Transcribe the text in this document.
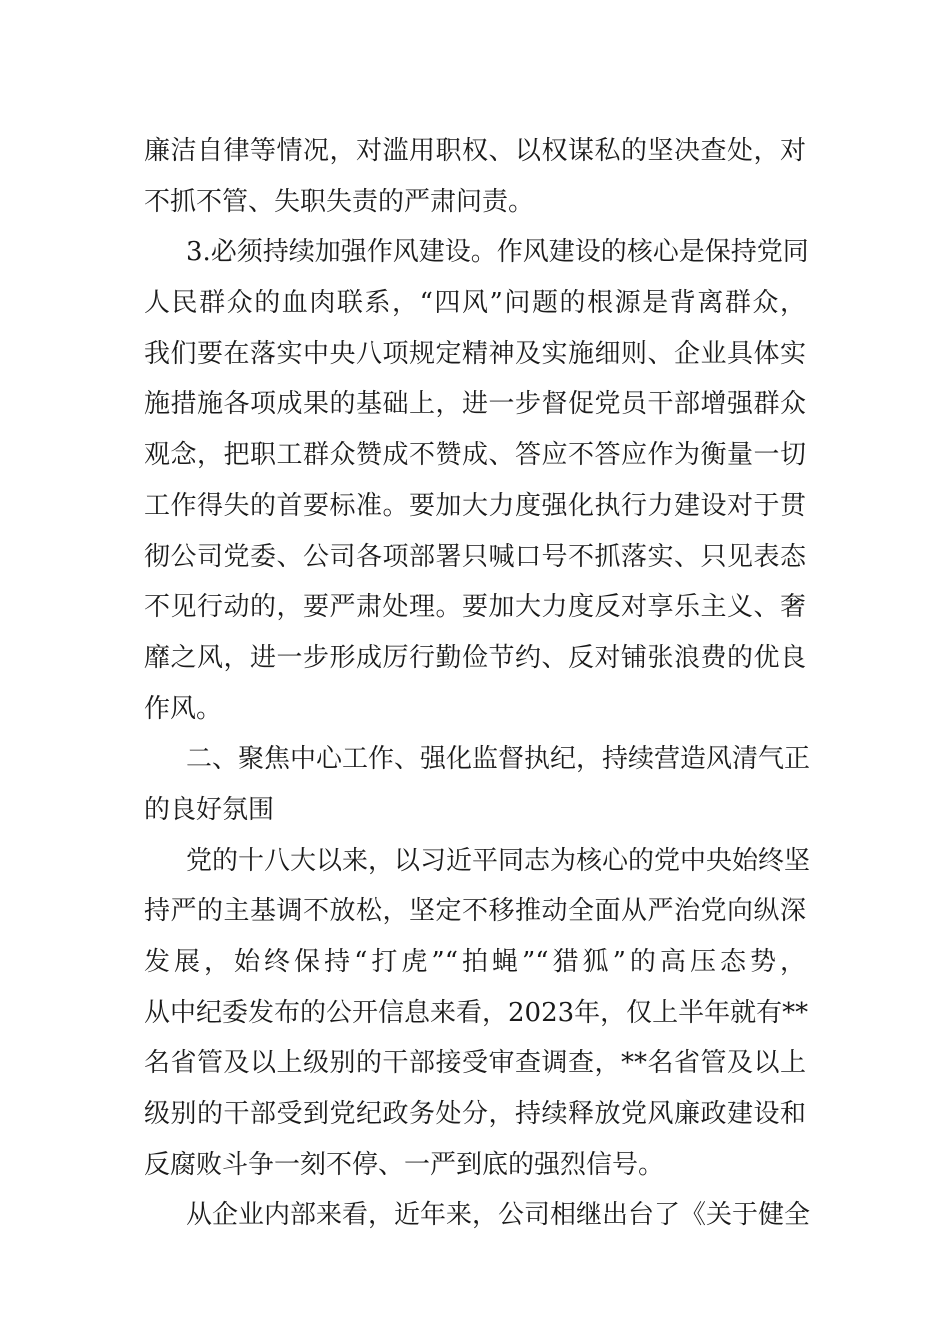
廉洁自律等情况，对滥用职权、以权谋私的坚决查处，对
不抓不管、失职失责的严肃问责。
3.必须持续加强作风建设。作风建设的核心是保持党同
人民群众的血肉联系，“四风”问题的根源是背离群众，
我们要在落实中央八项规定精神及实施细则、企业具体实
施措施各项成果的基础上，进一步督促党员干部增强群众
观念，把职工群众赞成不赞成、答应不答应作为衡量一切
工作得失的首要标准。要加大力度强化执行力建设对于贯
彻公司党委、公司各项部署只喊口号不抓落实、只见表态
不见行动的，要严肃处理。要加大力度反对享乐主义、奢
靡之风，进一步形成厉行勤俭节约、反对铺张浪费的优良
作风。
二、聚焦中心工作、强化监督执纪，持续营造风清气正
的良好氛围
党的十八大以来，以习近平同志为核心的党中央始终坚
持严的主基调不放松，坚定不移推动全面从严治党向纵深
发展，始终保持“打虎”“拍蝇”“猎狐”的高压态势，
从中纪委发布的公开信息来看，2023年，仅上半年就有**
名省管及以上级别的干部接受审查调查，**名省管及以上
级别的干部受到党纪政务处分，持续释放党风廉政建设和
反腐败斗争一刻不停、一严到底的强烈信号。
从企业内部来看，近年来，公司相继出台了《关于健全
